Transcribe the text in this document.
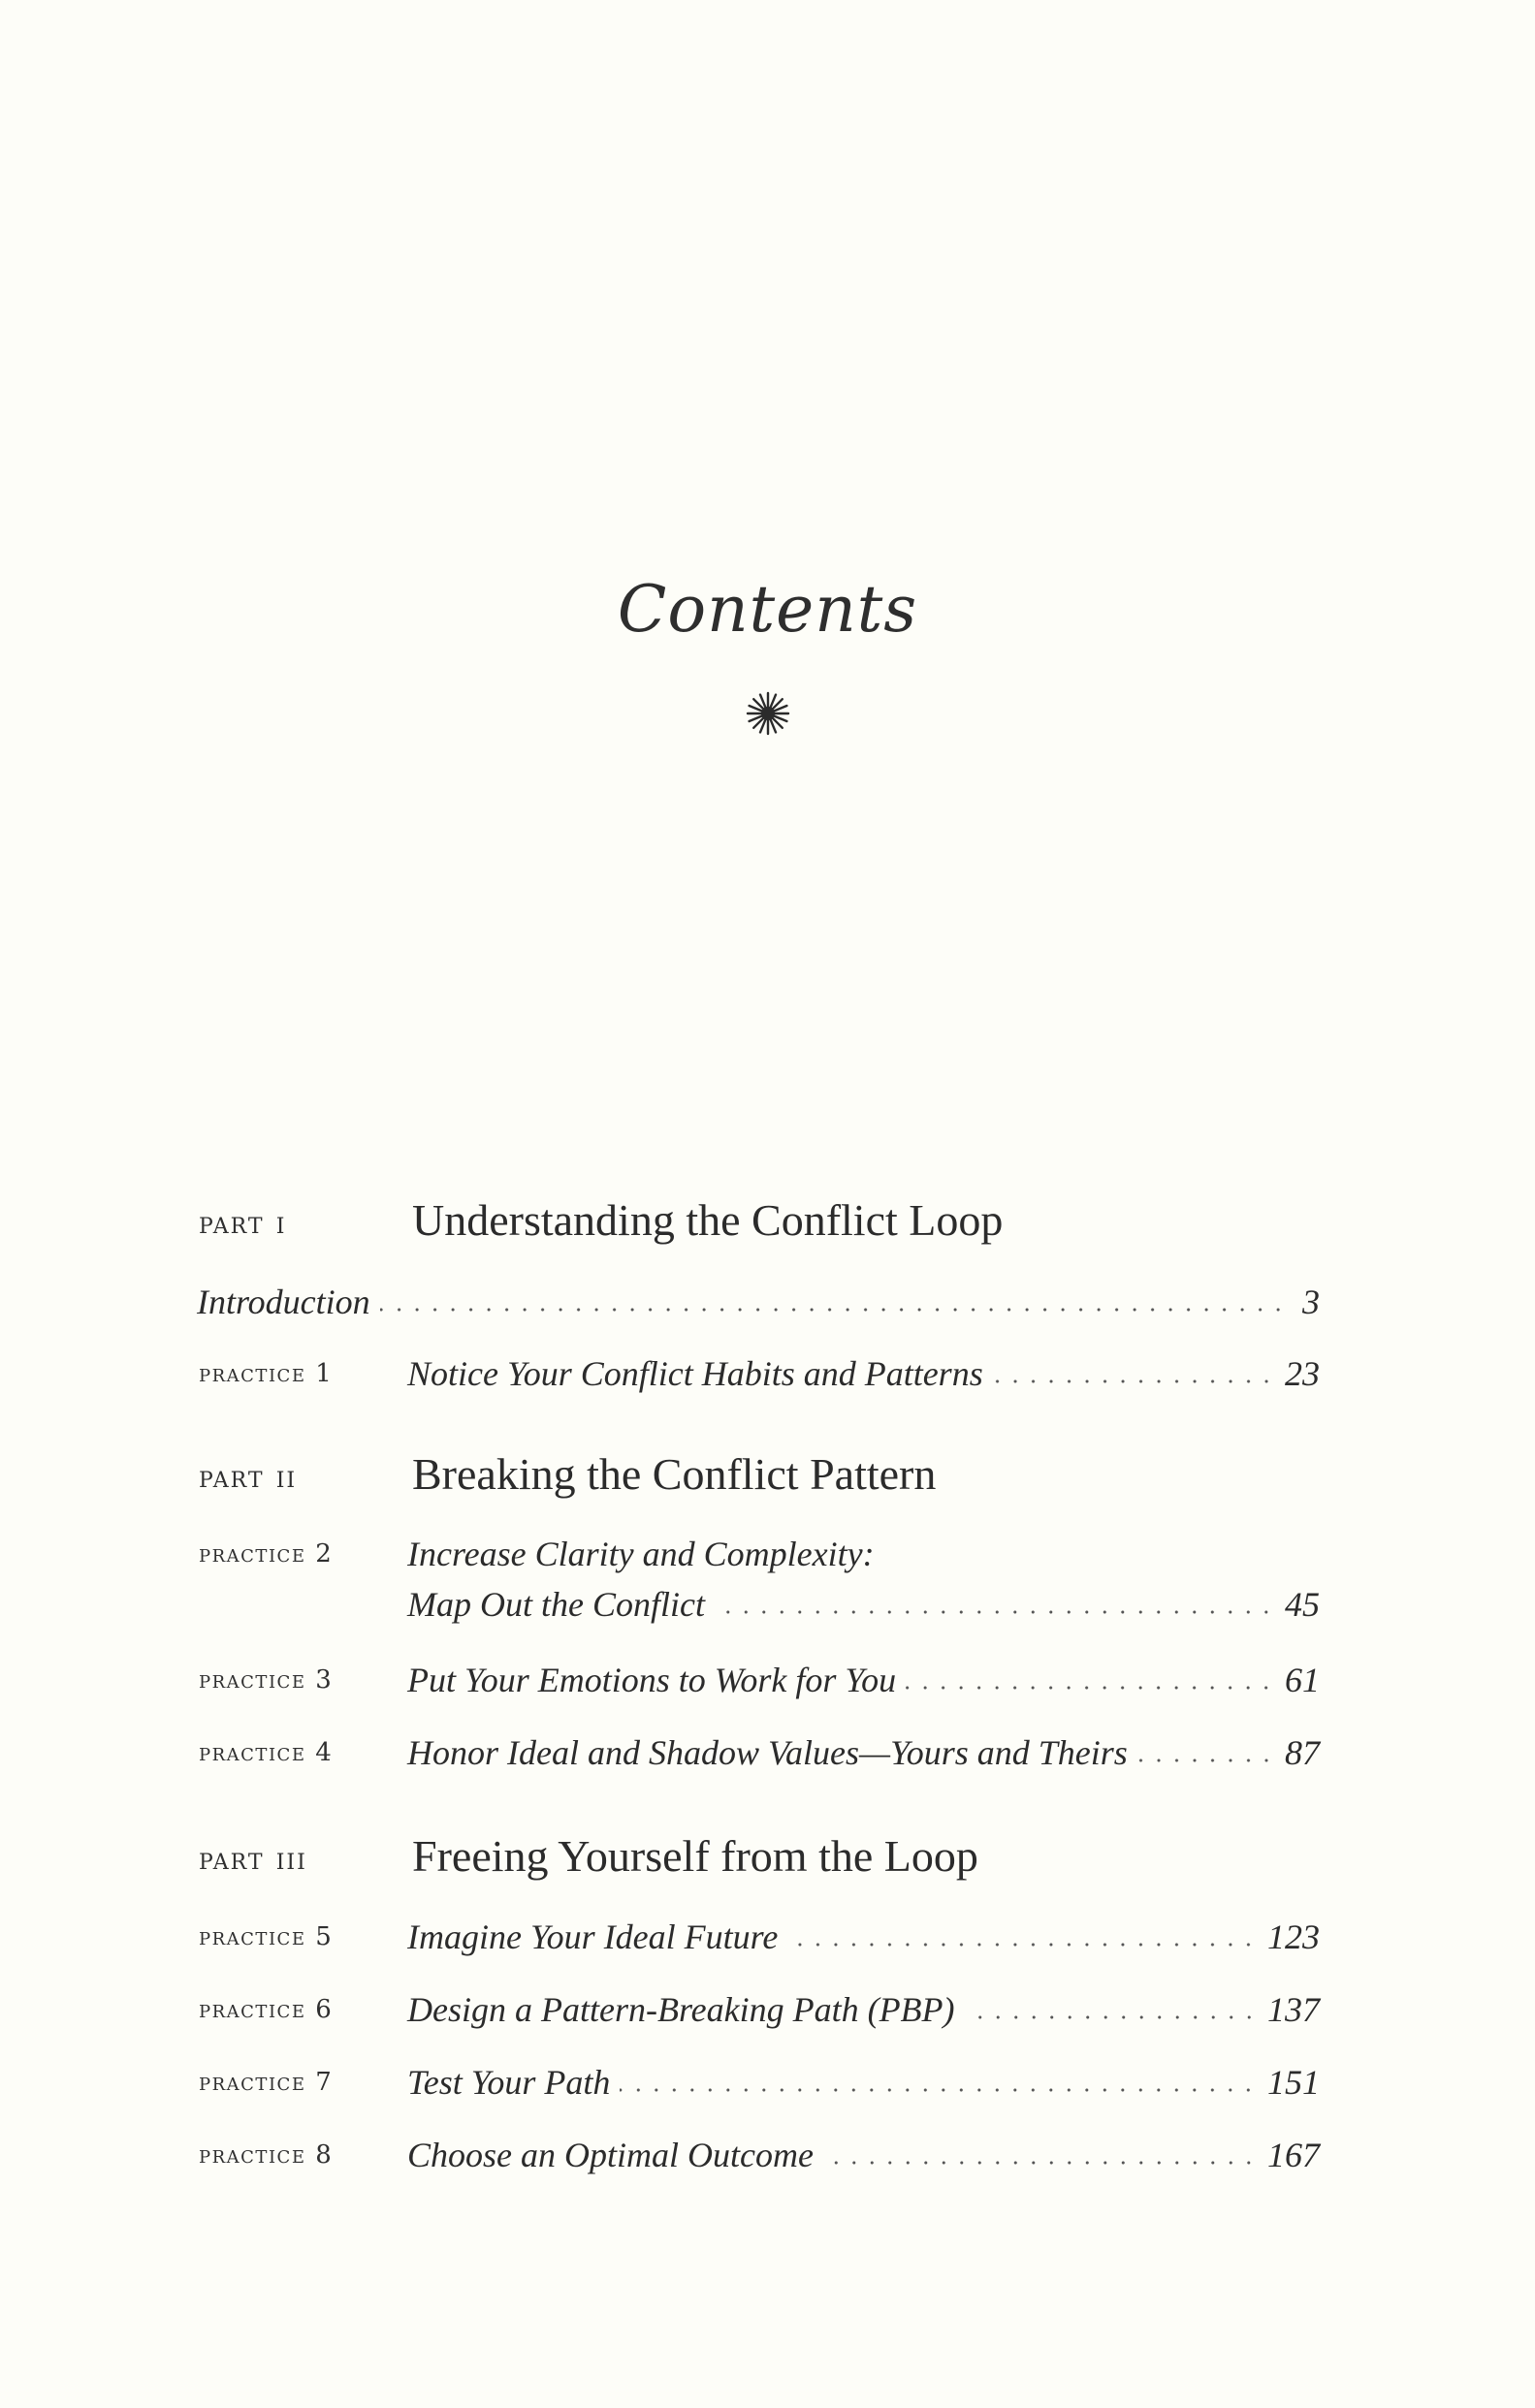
Contents
part i	Understanding the Conflict Loop
Introduction	3
practice 1 Notice Your Conflict Habits and Patterns	23
part ii	Breaking the Conflict Pattern
practice 2 Increase Clarity and Complexity:
Map Out the Conflict	45
practice 3 Put Your Emotions to Work for You	61
practice 4 Honor Ideal and Shadow Values—Yours and Theirs	87
part iii Freeing Yourself from the Loop
practice 5 Imagine Your Ideal Future	123
practice 6 Design a Pattern-Breaking Path (PBP)	137
practice 7 Test Your Path	151
practice 8 Choose an Optimal Outcome	167
